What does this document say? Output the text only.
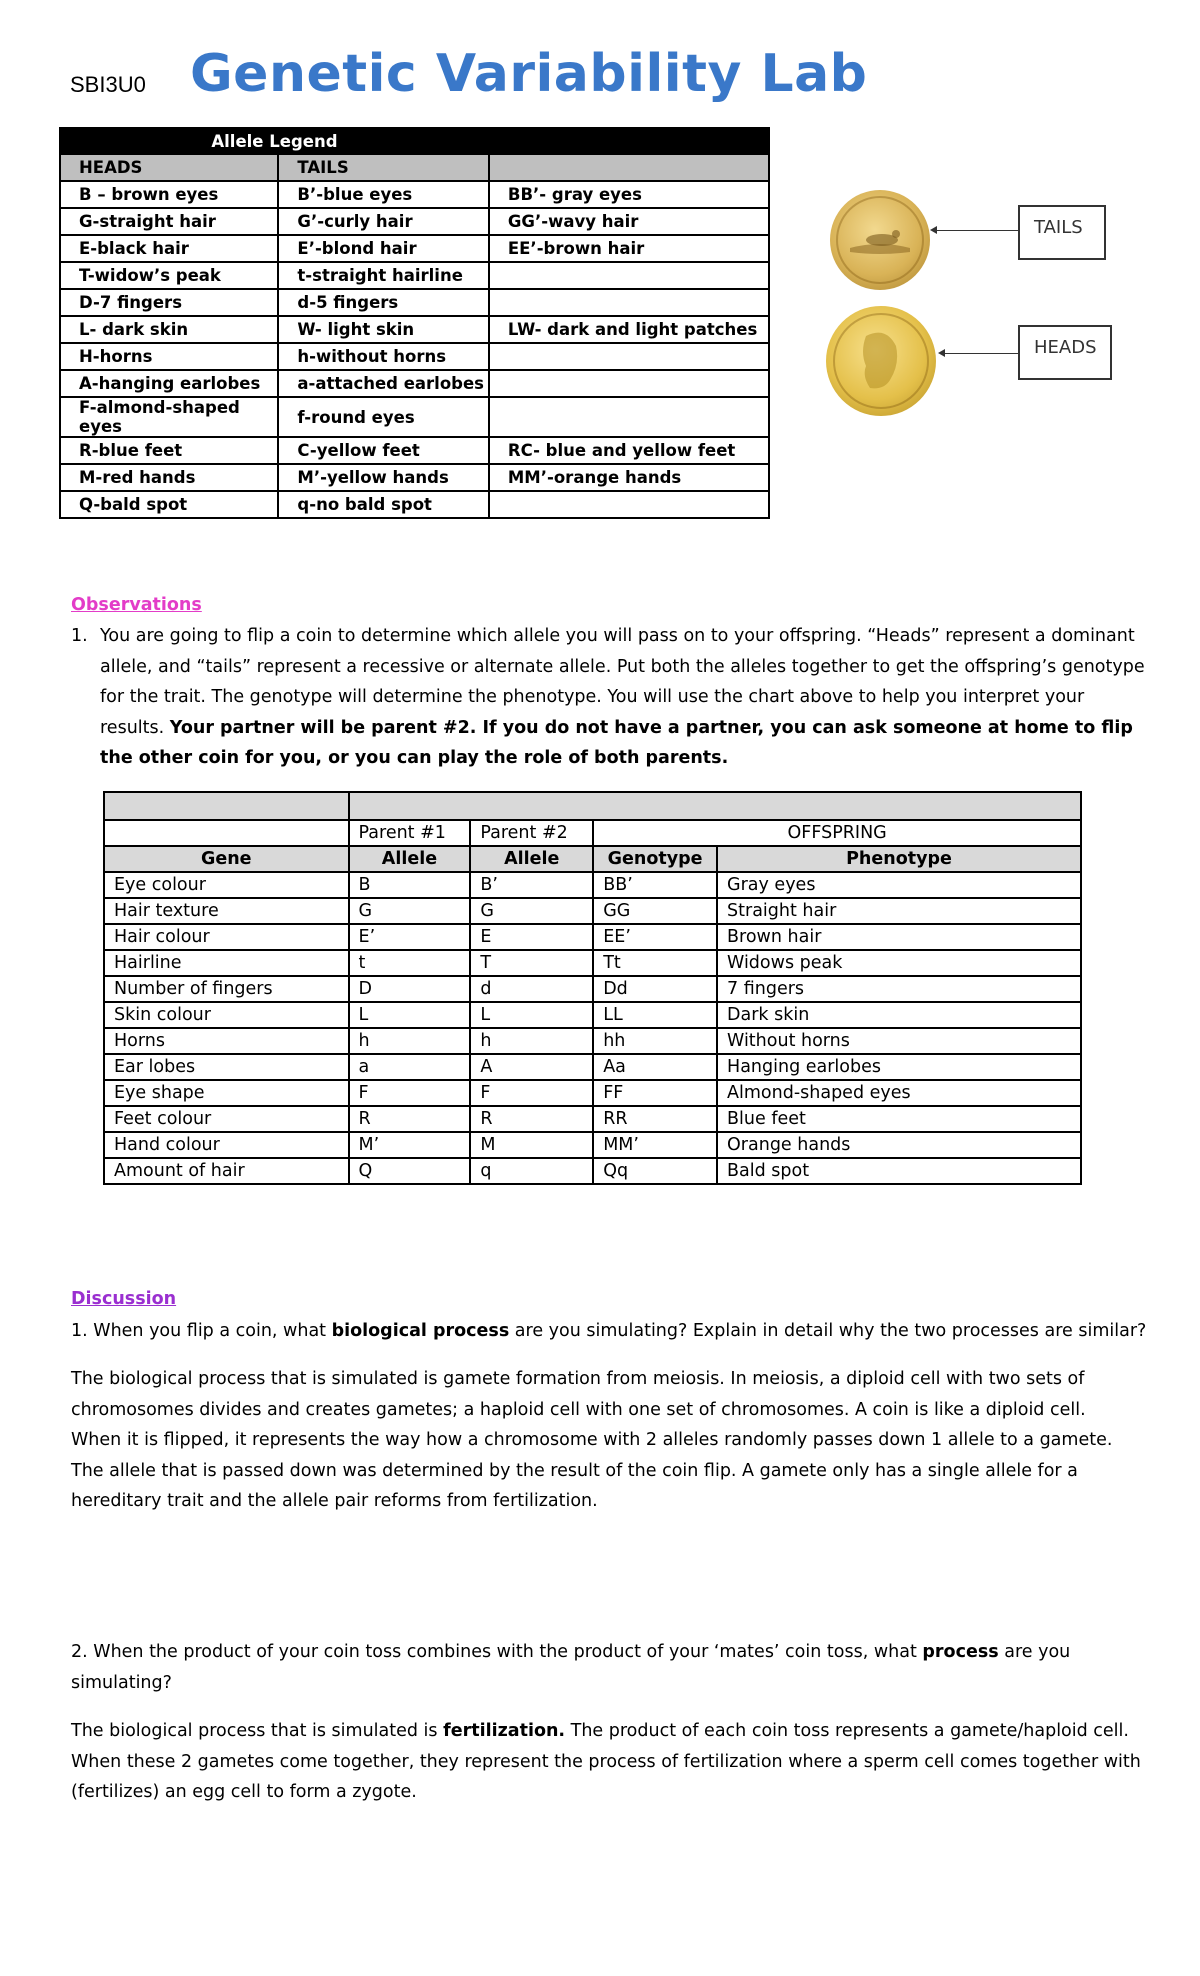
SBI3U0 Genetic Variability Lab
Allele Legend		
HEADS	TAILS	
B – brown eyes	B’-blue eyes	BB’- gray eyes
G-straight hair	G’-curly hair	GG’-wavy hair
E-black hair	E’-blond hair	EE’-brown hair
T-widow’s peak	t-straight hairline	
D-7 fingers	d-5 fingers	
L- dark skin	W- light skin	LW- dark and light patches
H-horns	h-without horns	
A-hanging earlobes	a-attached earlobes	
F-almond-shaped eyes	f-round eyes	
R-blue feet	C-yellow feet	RC- blue and yellow feet
M-red hands	M’-yellow hands	MM’-orange hands
Q-bald spot	q-no bald spot	
TAILS
HEADS
Observations
1. You are going to flip a coin to determine which allele you will pass on to your offspring. “Heads” represent a dominant allele, and “tails” represent a recessive or alternate allele. Put both the alleles together to get the offspring’s genotype for the trait. The genotype will determine the phenotype. You will use the chart above to help you interpret your results. Your partner will be parent #2. If you do not have a partner, you can ask someone at home to flip the other coin for you, or you can play the role of both parents.

	Parent #1	Parent #2	OFFSPRING	
Gene	Allele	Allele	Genotype	Phenotype
Eye colour	B	B’	BB’	Gray eyes
Hair texture	G	G	GG	Straight hair
Hair colour	E’	E	EE’	Brown hair
Hairline	t	T	Tt	Widows peak
Number of fingers	D	d	Dd	7 fingers
Skin colour	L	L	LL	Dark skin
Horns	h	h	hh	Without horns
Ear lobes	a	A	Aa	Hanging earlobes
Eye shape	F	F	FF	Almond-shaped eyes
Feet colour	R	R	RR	Blue feet
Hand colour	M’	M	MM’	Orange hands
Amount of hair	Q	q	Qq	Bald spot
Discussion
1. When you flip a coin, what biological process are you simulating? Explain in detail why the two processes are similar?
The biological process that is simulated is gamete formation from meiosis. In meiosis, a diploid cell with two sets of chromosomes divides and creates gametes; a haploid cell with one set of chromosomes. A coin is like a diploid cell. When it is flipped, it represents the way how a chromosome with 2 alleles randomly passes down 1 allele to a gamete. The allele that is passed down was determined by the result of the coin flip. A gamete only has a single allele for a hereditary trait and the allele pair reforms from fertilization.
2. When the product of your coin toss combines with the product of your ‘mates’ coin toss, what process are you simulating?
The biological process that is simulated is fertilization. The product of each coin toss represents a gamete/haploid cell. When these 2 gametes come together, they represent the process of fertilization where a sperm cell comes together with (fertilizes) an egg cell to form a zygote.
